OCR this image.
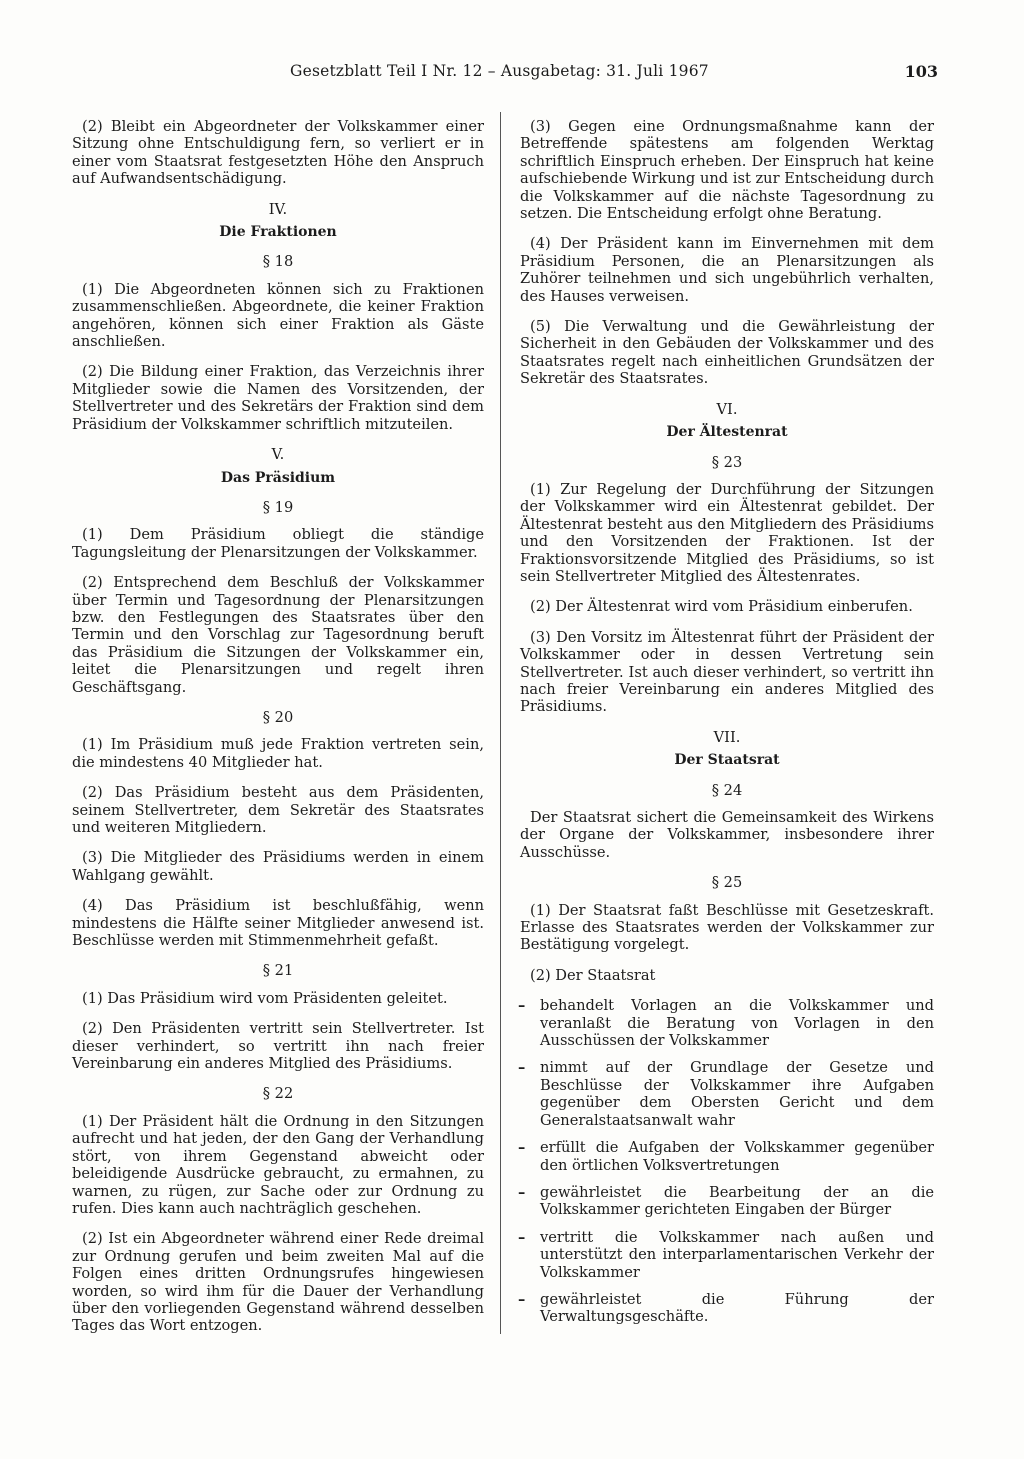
Gesetzblatt Teil I Nr. 12 – Ausgabetag: 31. Juli 1967	103

(2) Bleibt ein Abgeordneter der Volkskammer einer Sitzung ohne Entschuldigung fern, so verliert er in einer vom Staatsrat festgesetzten Höhe den Anspruch auf Aufwandsentschädigung.

IV.
Die Fraktionen
§ 18

(1) Die Abgeordneten können sich zu Fraktionen zusammenschließen. Abgeordnete, die keiner Fraktion angehören, können sich einer Fraktion als Gäste anschließen.

(2) Die Bildung einer Fraktion, das Verzeichnis ihrer Mitglieder sowie die Namen des Vorsitzenden, der Stellvertreter und des Sekretärs der Fraktion sind dem Präsidium der Volkskammer schriftlich mitzuteilen.

V.
Das Präsidium
§ 19

(1) Dem Präsidium obliegt die ständige Tagungsleitung der Plenarsitzungen der Volkskammer.

(2) Entsprechend dem Beschluß der Volkskammer über Termin und Tagesordnung der Plenarsitzungen bzw. den Festlegungen des Staatsrates über den Termin und den Vorschlag zur Tagesordnung beruft das Präsidium die Sitzungen der Volkskammer ein, leitet die Plenarsitzungen und regelt ihren Geschäftsgang.

§ 20

(1) Im Präsidium muß jede Fraktion vertreten sein, die mindestens 40 Mitglieder hat.

(2) Das Präsidium besteht aus dem Präsidenten, seinem Stellvertreter, dem Sekretär des Staatsrates und weiteren Mitgliedern.

(3) Die Mitglieder des Präsidiums werden in einem Wahlgang gewählt.

(4) Das Präsidium ist beschlußfähig, wenn mindestens die Hälfte seiner Mitglieder anwesend ist. Beschlüsse werden mit Stimmenmehrheit gefaßt.

§ 21

(1) Das Präsidium wird vom Präsidenten geleitet.

(2) Den Präsidenten vertritt sein Stellvertreter. Ist dieser verhindert, so vertritt ihn nach freier Vereinbarung ein anderes Mitglied des Präsidiums.

§ 22

(1) Der Präsident hält die Ordnung in den Sitzungen aufrecht und hat jeden, der den Gang der Verhandlung stört, von ihrem Gegenstand abweicht oder beleidigende Ausdrücke gebraucht, zu ermahnen, zu warnen, zu rügen, zur Sache oder zur Ordnung zu rufen. Dies kann auch nachträglich geschehen.

(2) Ist ein Abgeordneter während einer Rede dreimal zur Ordnung gerufen und beim zweiten Mal auf die Folgen eines dritten Ordnungsrufes hingewiesen worden, so wird ihm für die Dauer der Verhandlung über den vorliegenden Gegenstand während desselben Tages das Wort entzogen.

(3) Gegen eine Ordnungsmaßnahme kann der Betreffende spätestens am folgenden Werktag schriftlich Einspruch erheben. Der Einspruch hat keine aufschiebende Wirkung und ist zur Entscheidung durch die Volkskammer auf die nächste Tagesordnung zu setzen. Die Entscheidung erfolgt ohne Beratung.

(4) Der Präsident kann im Einvernehmen mit dem Präsidium Personen, die an Plenarsitzungen als Zuhörer teilnehmen und sich ungebührlich verhalten, des Hauses verweisen.

(5) Die Verwaltung und die Gewährleistung der Sicherheit in den Gebäuden der Volkskammer und des Staatsrates regelt nach einheitlichen Grundsätzen der Sekretär des Staatsrates.

VI.
Der Ältestenrat
§ 23

(1) Zur Regelung der Durchführung der Sitzungen der Volkskammer wird ein Ältestenrat gebildet. Der Ältestenrat besteht aus den Mitgliedern des Präsidiums und den Vorsitzenden der Fraktionen. Ist der Fraktionsvorsitzende Mitglied des Präsidiums, so ist sein Stellvertreter Mitglied des Ältestenrates.

(2) Der Ältestenrat wird vom Präsidium einberufen.

(3) Den Vorsitz im Ältestenrat führt der Präsident der Volkskammer oder in dessen Vertretung sein Stellvertreter. Ist auch dieser verhindert, so vertritt ihn nach freier Vereinbarung ein anderes Mitglied des Präsidiums.

VII.
Der Staatsrat
§ 24

Der Staatsrat sichert die Gemeinsamkeit des Wirkens der Organe der Volkskammer, insbesondere ihrer Ausschüsse.

§ 25

(1) Der Staatsrat faßt Beschlüsse mit Gesetzeskraft. Erlasse des Staatsrates werden der Volkskammer zur Bestätigung vorgelegt.

(2) Der Staatsrat

– behandelt Vorlagen an die Volkskammer und veranlaßt die Beratung von Vorlagen in den Ausschüssen der Volkskammer
– nimmt auf der Grundlage der Gesetze und Beschlüsse der Volkskammer ihre Aufgaben gegenüber dem Obersten Gericht und dem Generalstaatsanwalt wahr
– erfüllt die Aufgaben der Volkskammer gegenüber den örtlichen Volksvertretungen
– gewährleistet die Bearbeitung der an die Volkskammer gerichteten Eingaben der Bürger
– vertritt die Volkskammer nach außen und unterstützt den interparlamentarischen Verkehr der Volkskammer
– gewährleistet die Führung der Verwaltungsgeschäfte.
